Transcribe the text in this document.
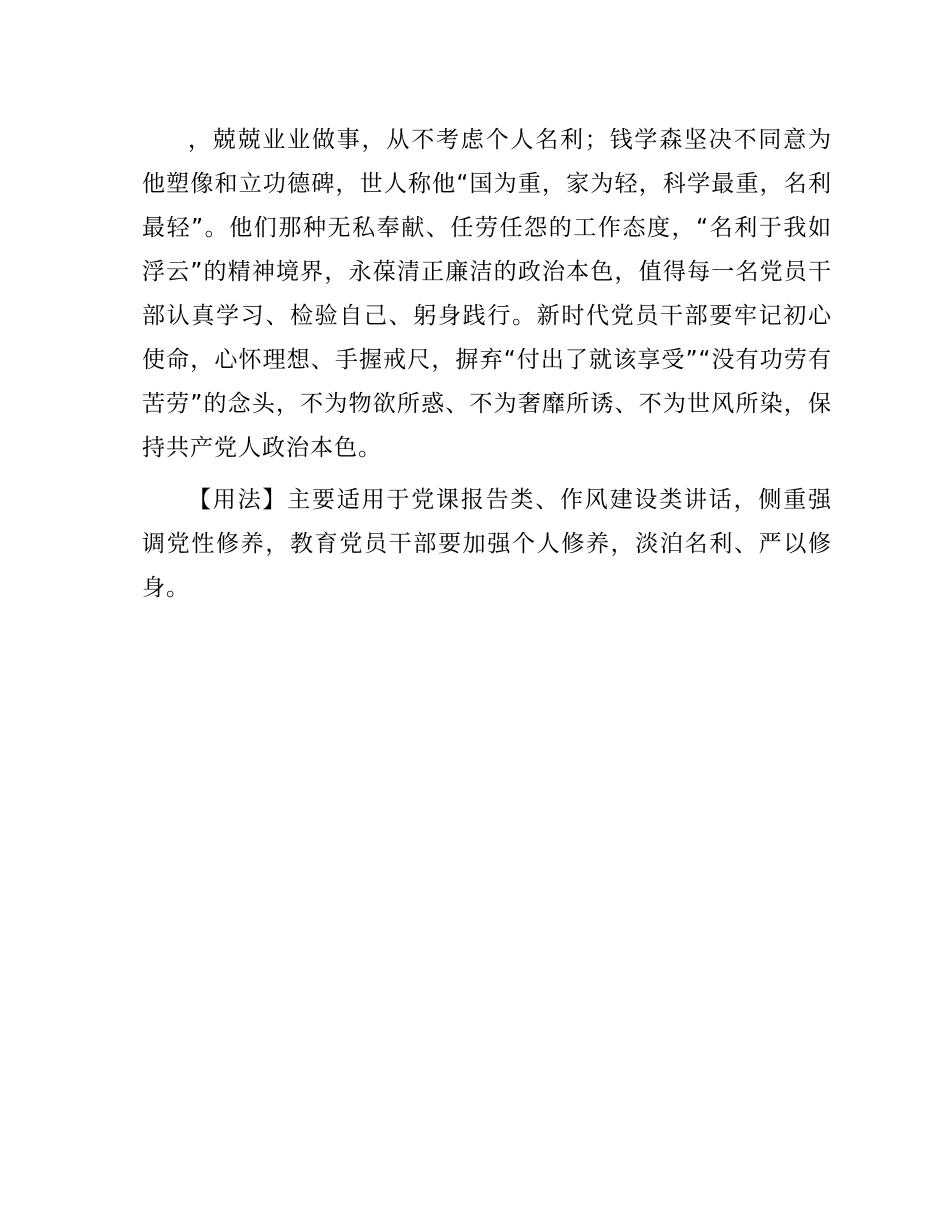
，兢兢业业做事，从不考虑个人名利；钱学森坚决不同意为他塑像和立功德碑，世人称他“国为重，家为轻，科学最重，名利最轻”。他们那种无私奉献、任劳任怨的工作态度，“名利于我如浮云”的精神境界，永葆清正廉洁的政治本色，值得每一名党员干部认真学习、检验自己、躬身践行。新时代党员干部要牢记初心使命，心怀理想、手握戒尺，摒弃“付出了就该享受”“没有功劳有苦劳”的念头，不为物欲所惑、不为奢靡所诱、不为世风所染，保持共产党人政治本色。

【用法】主要适用于党课报告类、作风建设类讲话，侧重强调党性修养，教育党员干部要加强个人修养，淡泊名利、严以修身。
